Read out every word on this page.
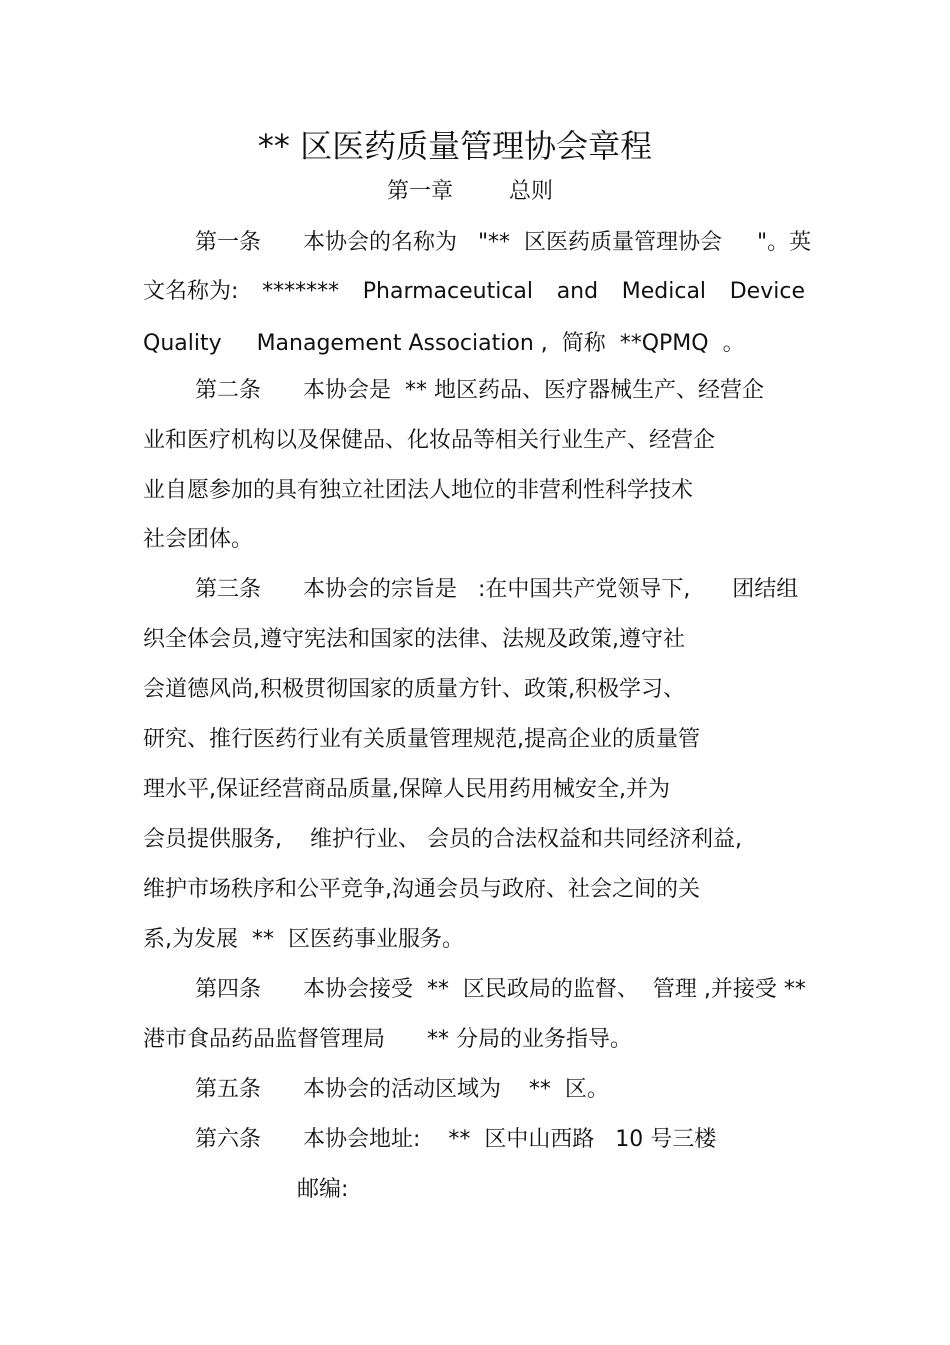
** 区医药质量管理协会章程
第一章        总则
第一条      本协会的名称为   "**  区医药质量管理协会     "。英
文名称为: ******* Pharmaceutical and Medical Device
Quality     Management Association ,  简称  **QPMQ  。
第二条      本协会是  ** 地区药品、医疗器械生产、经营企
业和医疗机构以及保健品、化妆品等相关行业生产、经营企
业自愿参加的具有独立社团法人地位的非营利性科学技术
社会团体。
第三条      本协会的宗旨是   :在中国共产党领导下,      团结组
织全体会员,遵守宪法和国家的法律、法规及政策,遵守社
会道德风尚,积极贯彻国家的质量方针、政策,积极学习、
研究、推行医药行业有关质量管理规范,提高企业的质量管
理水平,保证经营商品质量,保障人民用药用械安全,并为
会员提供服务,    维护行业、 会员的合法权益和共同经济利益,
维护市场秩序和公平竞争,沟通会员与政府、社会之间的关
系,为发展  **  区医药事业服务。
第四条      本协会接受  **  区民政局的监督、  管理 ,并接受 **
港市食品药品监督管理局      ** 分局的业务指导。
第五条      本协会的活动区域为    **  区。
第六条      本协会地址:    **  区中山西路   10 号三楼
邮编:
